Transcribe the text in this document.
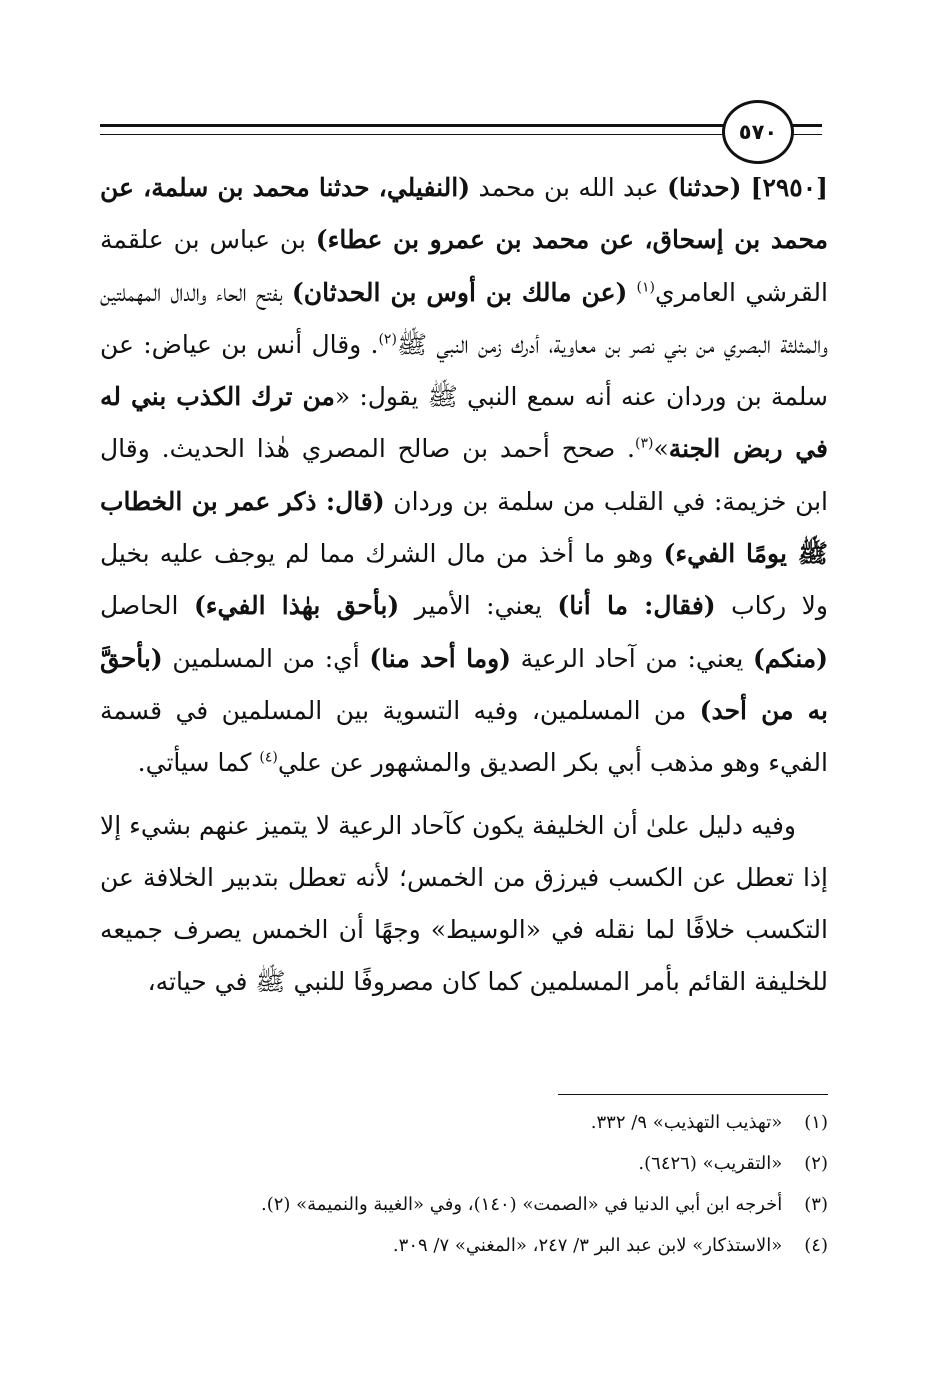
٥٧٠

[٢٩٥٠] (حدثنا) عبد الله بن محمد (النفيلي، حدثنا محمد بن سلمة، عن محمد بن إسحاق، عن محمد بن عمرو بن عطاء) بن عباس بن علقمة القرشي العامري$^{(١)}$ (عن مالك بن أوس بن الحدثان) بفتح الحاء والدال المهملتين والمثلثة البصري من بني نصر بن معاوية، أدرك زمن النبي ﷺ$^{(٢)}$. وقال أنس بن عياض: عن سلمة بن وردان عنه أنه سمع النبي ﷺ يقول: «من ترك الكذب بني له في ربض الجنة»$^{(٣)}$. صحح أحمد بن صالح المصري هٰذا الحديث. وقال ابن خزيمة: في القلب من سلمة بن وردان (قال: ذكر عمر بن الخطاب ﷺ يومًا الفيء) وهو ما أخذ من مال الشرك مما لم يوجف عليه بخيل ولا ركاب (فقال: ما أنا) يعني: الأمير (بأحق بهٰذا الفيء) الحاصل (منكم) يعني: من آحاد الرعية (وما أحد منا) أي: من المسلمين (بأحقَّ به من أحد) من المسلمين، وفيه التسوية بين المسلمين في قسمة الفيء وهو مذهب أبي بكر الصديق والمشهور عن علي$^{(٤)}$ كما سيأتي.

وفيه دليل علىٰ أن الخليفة يكون كآحاد الرعية لا يتميز عنهم بشيء إلا إذا تعطل عن الكسب فيرزق من الخمس؛ لأنه تعطل بتدبير الخلافة عن التكسب خلافًا لما نقله في «الوسيط» وجهًا أن الخمس يصرف جميعه للخليفة القائم بأمر المسلمين كما كان مصروفًا للنبي ﷺ في حياته،

(١)
«تهذيب التهذيب» ٩/ ٣٣٢.
(٢)
«التقريب» (٦٤٢٦).
(٣)
أخرجه ابن أبي الدنيا في «الصمت» (١٤٠)، وفي «الغيبة والنميمة» (٢).
(٤)
«الاستذكار» لابن عبد البر ٣/ ٢٤٧، «المغني» ٧/ ٣٠٩.
